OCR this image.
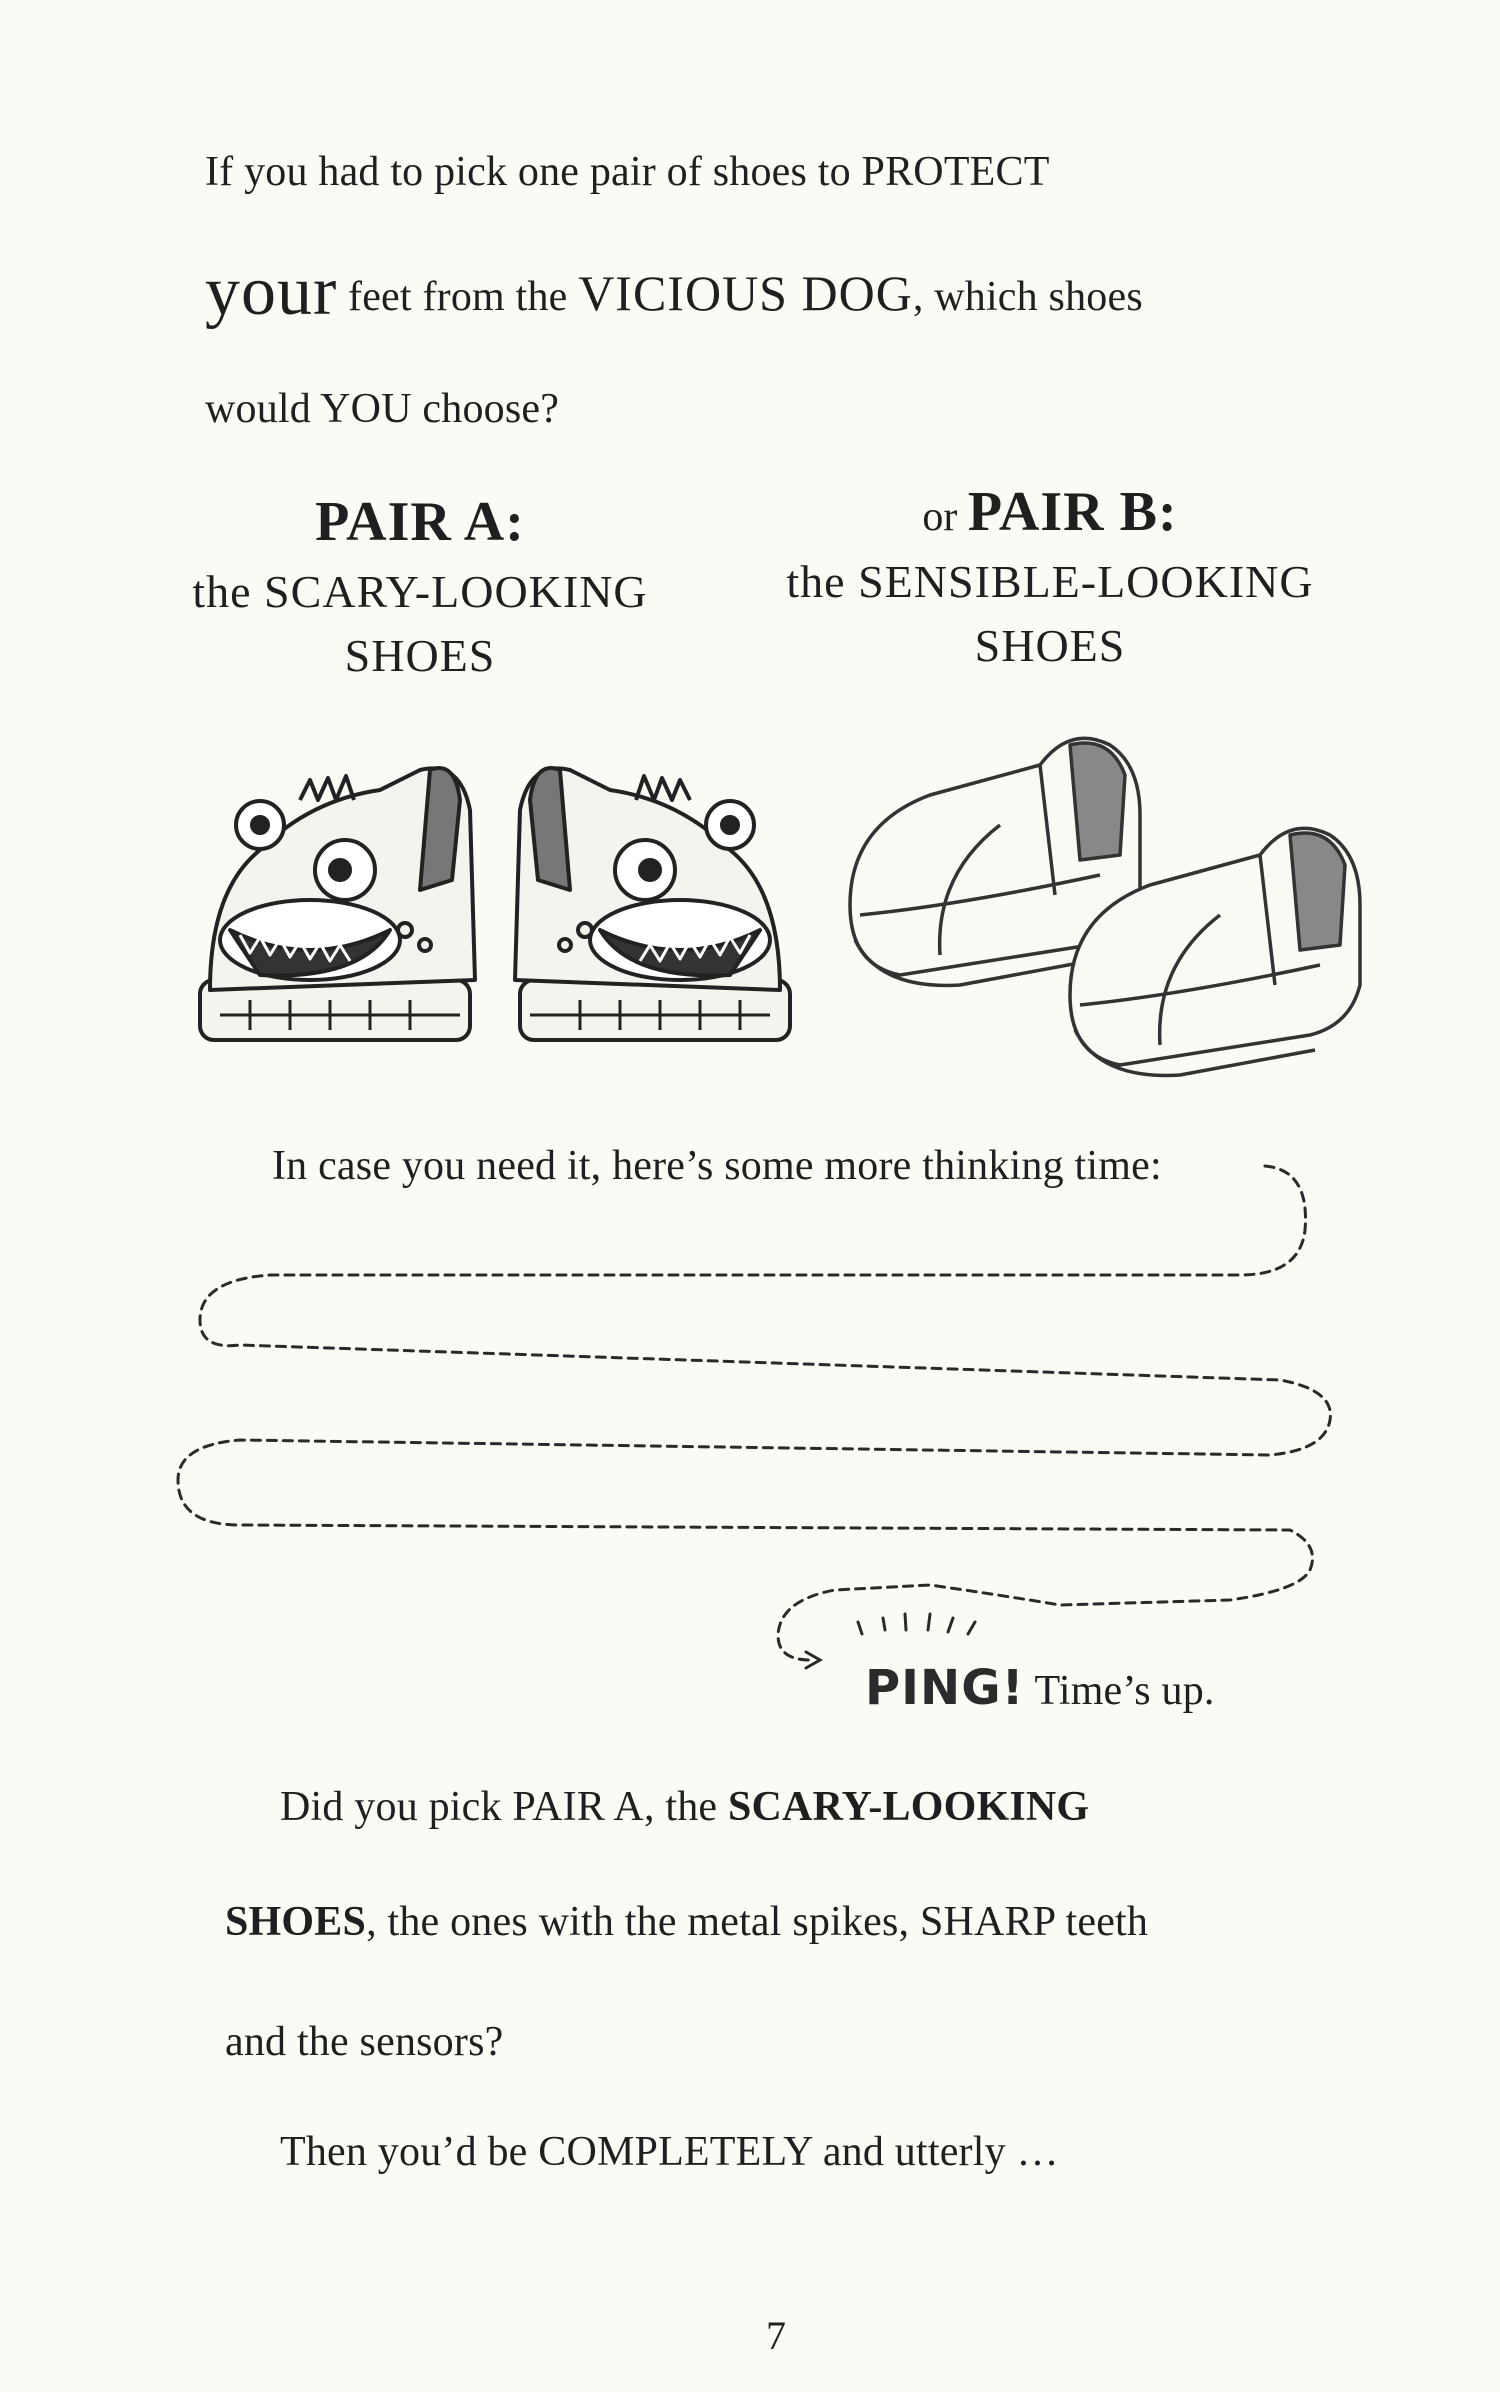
If you had to pick one pair of shoes to PROTECT
your feet from the VICIOUS DOG, which shoes
would YOU choose?
PAIR A:
the SCARY-LOOKING
SHOES
or PAIR B:
the SENSIBLE-LOOKING
SHOES
In case you need it, here’s some more thinking time:
PING! Time’s up.
Did you pick PAIR A, the SCARY-LOOKING
SHOES, the ones with the metal spikes, SHARP teeth
and the sensors?
Then you’d be COMPLETELY and utterly …
7
